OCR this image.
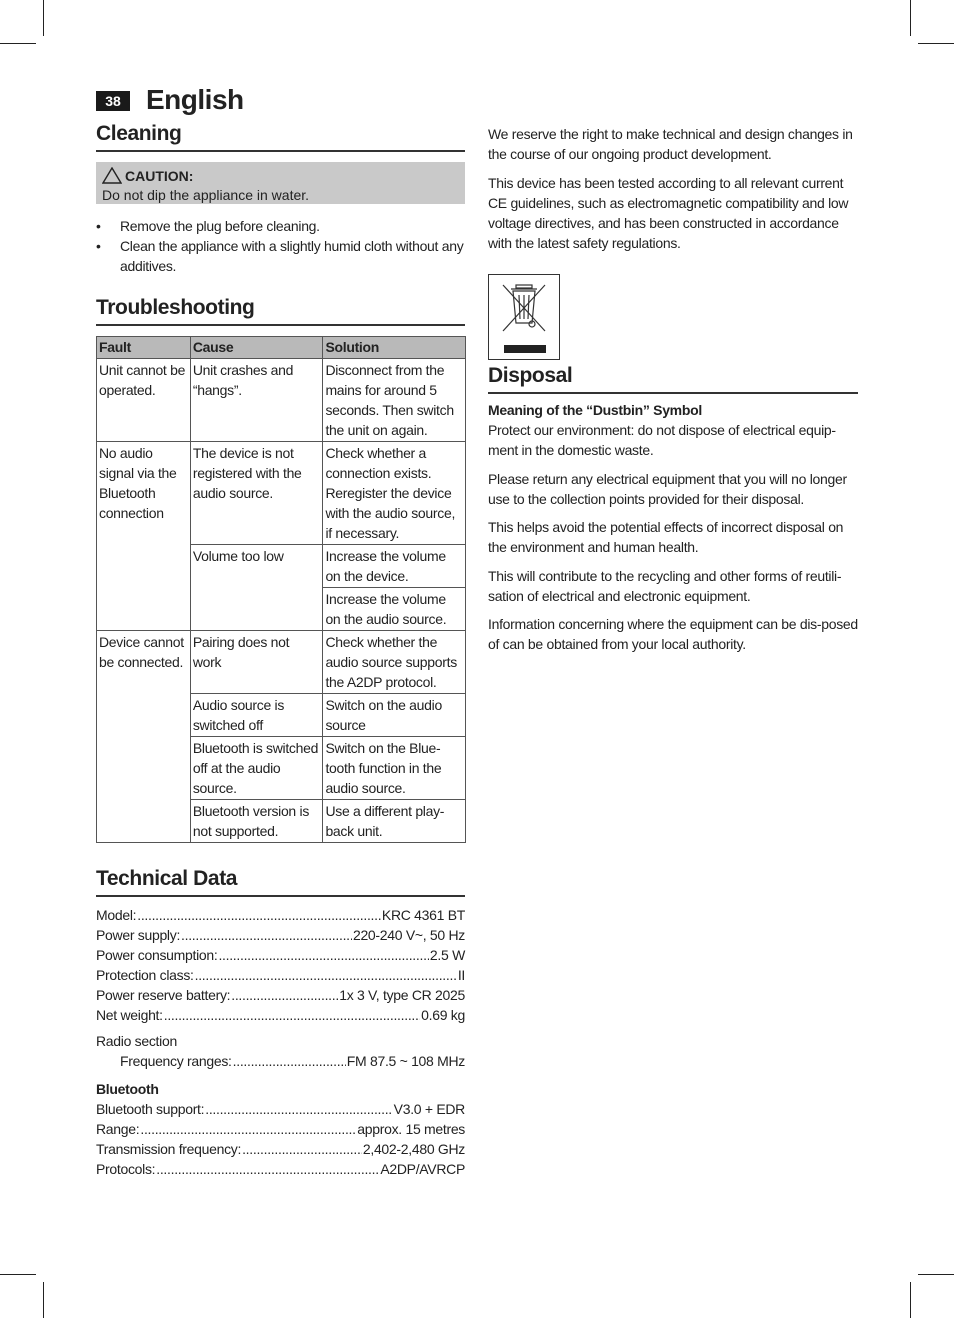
38 English
Cleaning
CAUTION:
Do not dip the appliance in water.
• Remove the plug before cleaning.
• Clean the appliance with a slightly humid cloth without any additives.
Troubleshooting
Fault	Cause	Solution
Unit cannot be operated.	Unit crashes and “hangs”.	Disconnect from the mains for around 5 seconds. Then switch the unit on again.
No audio signal via the Bluetooth connection	The device is not registered with the audio source.	Check whether a connection exists. Reregister the device with the audio source, if necessary.
	Volume too low	Increase the volume on the device.
		Increase the volume on the audio source.
Device cannot be connected.	Pairing does not work	Check whether the audio source supports the A2DP protocol.
	Audio source is switched off	Switch on the audio source
	Bluetooth is switched off at the audio source.	Switch on the Blue-tooth function in the audio source.
	Bluetooth version is not supported.	Use a different play-back unit.
Technical Data
Model: .....	KRC 4361 BT
Power supply: .....	220-240 V~, 50 Hz
Power consumption: .....	2.5 W
Protection class: .....	II
Power reserve battery: .....	1x 3 V, type CR 2025
Net weight: .....	0.69 kg

Radio section

Frequency ranges: .....	FM 87.5 ~ 108 MHz

Bluetooth

Bluetooth support: .....	V3.0 + EDR
Range: .....	approx. 15 metres
Transmission frequency: .....	2,402-2,480 GHz
Protocols: .....	A2DP/AVRCP

We reserve the right to make technical and design changes in the course of our ongoing product development.

This device has been tested according to all relevant current CE guidelines, such as electromagnetic compatibility and low voltage directives, and has been constructed in accordance with the latest safety regulations.

Disposal

Meaning of the “Dustbin” Symbol

Protect our environment: do not dispose of electrical equip-ment in the domestic waste.

Please return any electrical equipment that you will no longer use to the collection points provided for their disposal.

This helps avoid the potential effects of incorrect disposal on the environment and human health.

This will contribute to the recycling and other forms of reutili-sation of electrical and electronic equipment.

Information concerning where the equipment can be dis-posed of can be obtained from your local authority.
